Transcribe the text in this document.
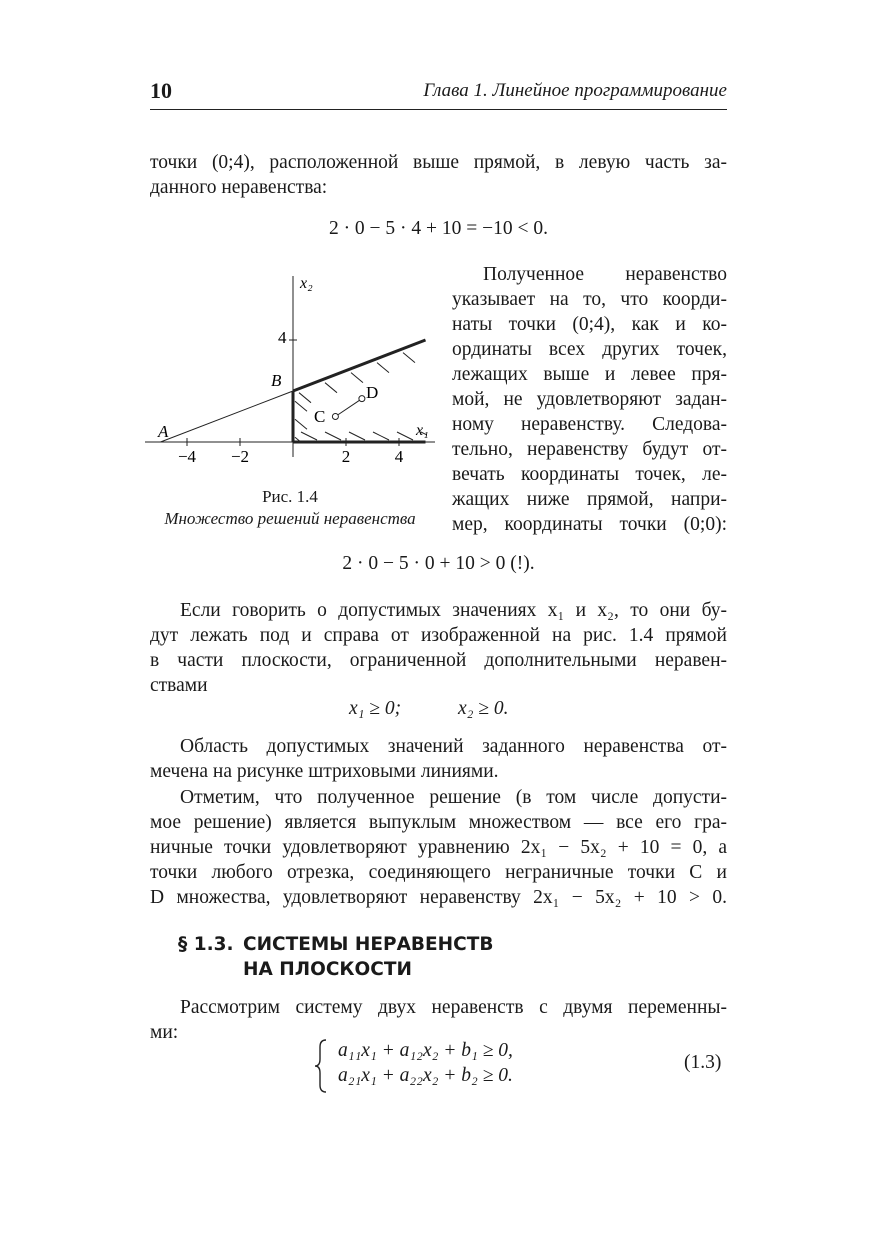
10	Глава 1. Линейное программирование

точки (0;4), расположенной выше прямой, в левую часть за-

данного неравенства:

2 · 0 − 5 · 4 + 10 = −10 < 0.

Полученное неравенство

указывает на то, что коорди-

наты точки (0;4), как и ко-

ординаты всех других точек,

лежащих выше и левее пря-

мой, не удовлетворяют задан-

ному неравенству. Следова-

тельно, неравенству будут от-

вечать координаты точек, ле-

жащих ниже прямой, напри-

мер, координаты точки (0;0):

x₂
x₁
4
−4 −2	2	4
A
B
C
D
Рис. 1.4
Множество решений неравенства
2 · 0 − 5 · 0 + 10 > 0 (!).

Если говорить о допустимых значениях x₁ и x₂, то они бу-

дут лежать под и справа от изображенной на рис. 1.4 прямой

в части плоскости, ограниченной дополнительными неравен-

ствами

x₁ ≥ 0;	x₂ ≥ 0.

Область допустимых значений заданного неравенства от-

мечена на рисунке штриховыми линиями.

Отметим, что полученное решение (в том числе допусти-

мое решение) является выпуклым множеством — все его гра-

ничные точки удовлетворяют уравнению 2x₁ − 5x₂ + 10 = 0, а

точки любого отрезка, соединяющего неграничные точки C и

D множества, удовлетворяют неравенству 2x₁ − 5x₂ + 10 > 0.

§ 1.3. СИСТЕМЫ НЕРАВЕНСТВ
НА ПЛОСКОСТИ

Рассмотрим систему двух неравенств с двумя переменны-

ми:

a₁₁x₁ + a₁₂x₂ + b₁ ≥ 0,
a₂₁x₁ + a₂₂x₂ + b₂ ≥ 0.
(1.3)
